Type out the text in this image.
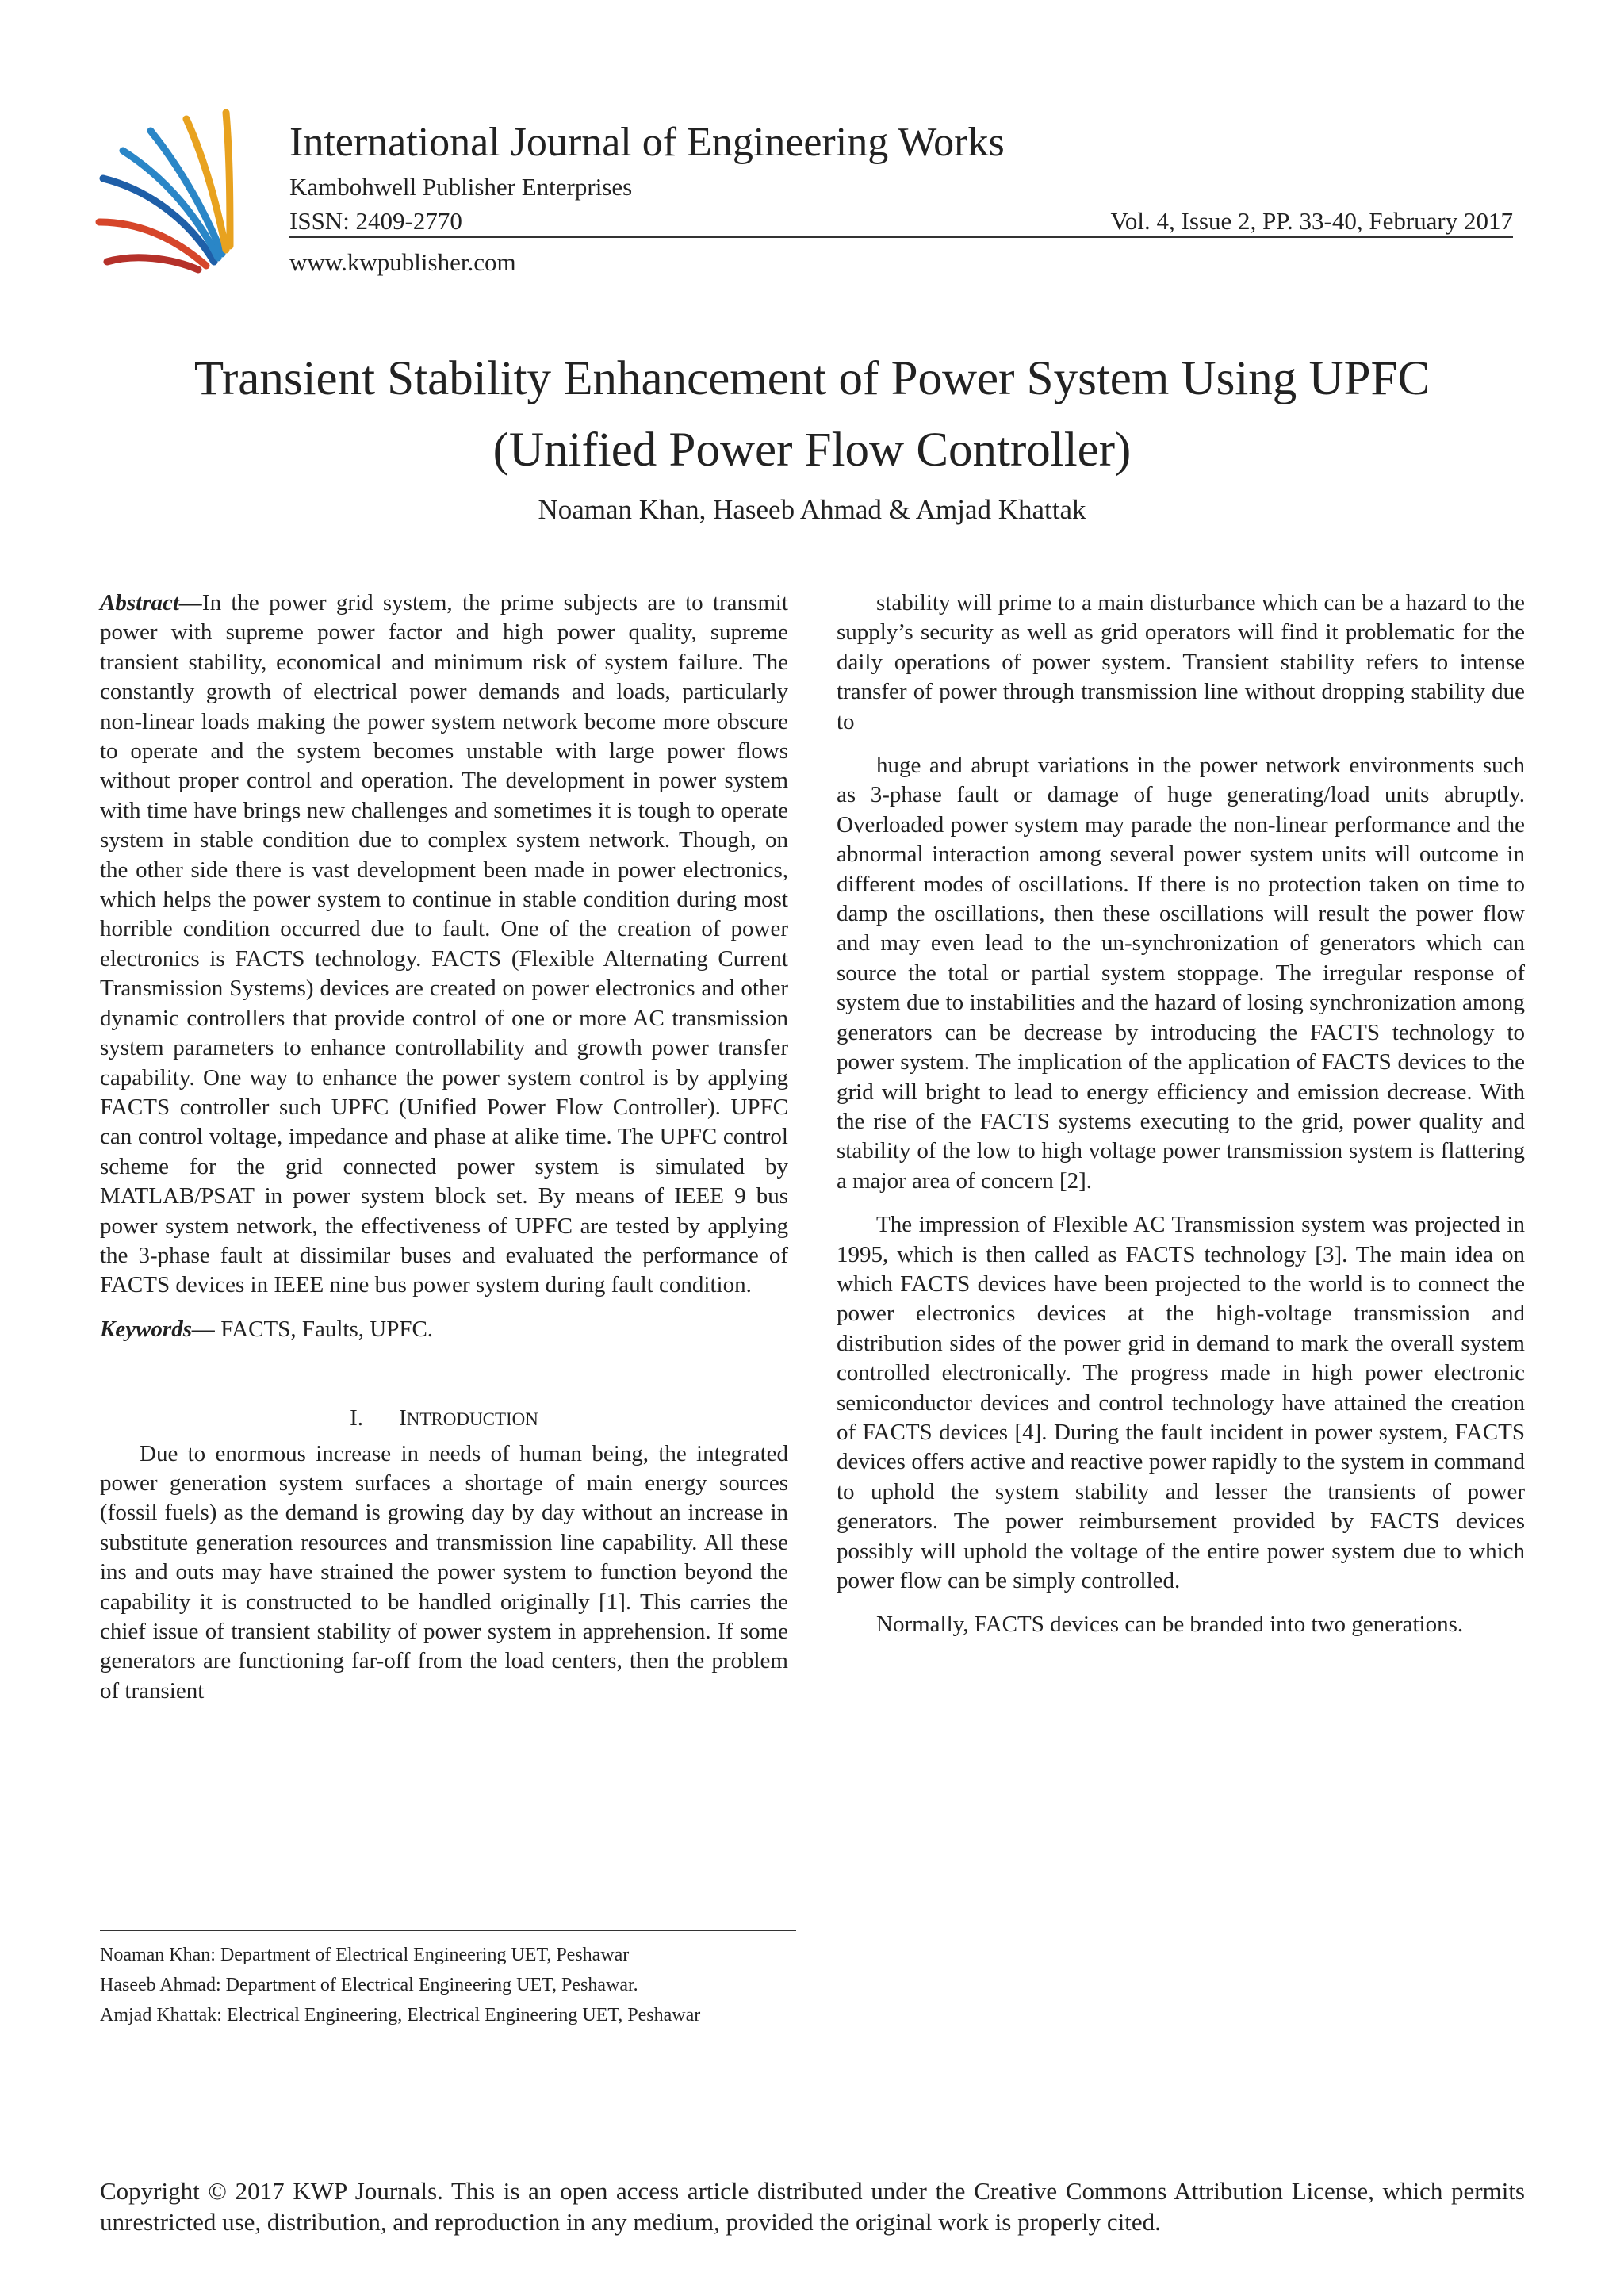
International Journal of Engineering Works
Kambohwell Publisher Enterprises
ISSN: 2409-2770	Vol. 4, Issue 2, PP. 33-40, February 2017
www.kwpublisher.com
Transient Stability Enhancement of Power System Using UPFC
(Unified Power Flow Controller)
Noaman Khan, Haseeb Ahmad & Amjad Khattak

Abstract—In the power grid system, the prime subjects are to transmit power with supreme power factor and high power quality, supreme transient stability, economical and minimum risk of system failure. The constantly growth of electrical power demands and loads, particularly non-linear loads making the power system network become more obscure to operate and the system becomes unstable with large power flows without proper control and operation. The development in power system with time have brings new challenges and sometimes it is tough to operate system in stable condition due to complex system network. Though, on the other side there is vast development been made in power electronics, which helps the power system to continue in stable condition during most horrible condition occurred due to fault. One of the creation of power electronics is FACTS technology. FACTS (Flexible Alternating Current Transmission Systems) devices are created on power electronics and other dynamic controllers that provide control of one or more AC transmission system parameters to enhance controllability and growth power transfer capability. One way to enhance the power system control is by applying FACTS controller such UPFC (Unified Power Flow Controller). UPFC can control voltage, impedance and phase at alike time. The UPFC control scheme for the grid connected power system is simulated by MATLAB/PSAT in power system block set. By means of IEEE 9 bus power system network, the effectiveness of UPFC are tested by applying the 3-phase fault at dissimilar buses and evaluated the performance of FACTS devices in IEEE nine bus power system during fault condition.

Keywords— FACTS, Faults, UPFC.

I. INTRODUCTION

Due to enormous increase in needs of human being, the integrated power generation system surfaces a shortage of main energy sources (fossil fuels) as the demand is growing day by day without an increase in substitute generation resources and transmission line capability. All these ins and outs may have strained the power system to function beyond the capability it is constructed to be handled originally [1]. This carries the chief issue of transient stability of power system in apprehension. If some generators are functioning far-off from the load centers, then the problem of transient

stability will prime to a main disturbance which can be a hazard to the supply’s security as well as grid operators will find it problematic for the daily operations of power system. Transient stability refers to intense transfer of power through transmission line without dropping stability due to

huge and abrupt variations in the power network environments such as 3-phase fault or damage of huge generating/load units abruptly. Overloaded power system may parade the non-linear performance and the abnormal interaction among several power system units will outcome in different modes of oscillations. If there is no protection taken on time to damp the oscillations, then these oscillations will result the power flow and may even lead to the un-synchronization of generators which can source the total or partial system stoppage. The irregular response of system due to instabilities and the hazard of losing synchronization among generators can be decrease by introducing the FACTS technology to power system. The implication of the application of FACTS devices to the grid will bright to lead to energy efficiency and emission decrease. With the rise of the FACTS systems executing to the grid, power quality and stability of the low to high voltage power transmission system is flattering a major area of concern [2].

The impression of Flexible AC Transmission system was projected in 1995, which is then called as FACTS technology [3]. The main idea on which FACTS devices have been projected to the world is to connect the power electronics devices at the high-voltage transmission and distribution sides of the power grid in demand to mark the overall system controlled electronically. The progress made in high power electronic semiconductor devices and control technology have attained the creation of FACTS devices [4]. During the fault incident in power system, FACTS devices offers active and reactive power rapidly to the system in command to uphold the system stability and lesser the transients of power generators. The power reimbursement provided by FACTS devices possibly will uphold the voltage of the entire power system due to which power flow can be simply controlled.

Normally, FACTS devices can be branded into two generations.

Noaman Khan: Department of Electrical Engineering UET, Peshawar
Haseeb Ahmad: Department of Electrical Engineering UET, Peshawar.
Amjad Khattak: Electrical Engineering, Electrical Engineering UET, Peshawar
Copyright © 2017 KWP Journals. This is an open access article distributed under the Creative Commons Attribution License, which permits unrestricted use, distribution, and reproduction in any medium, provided the original work is properly cited.
